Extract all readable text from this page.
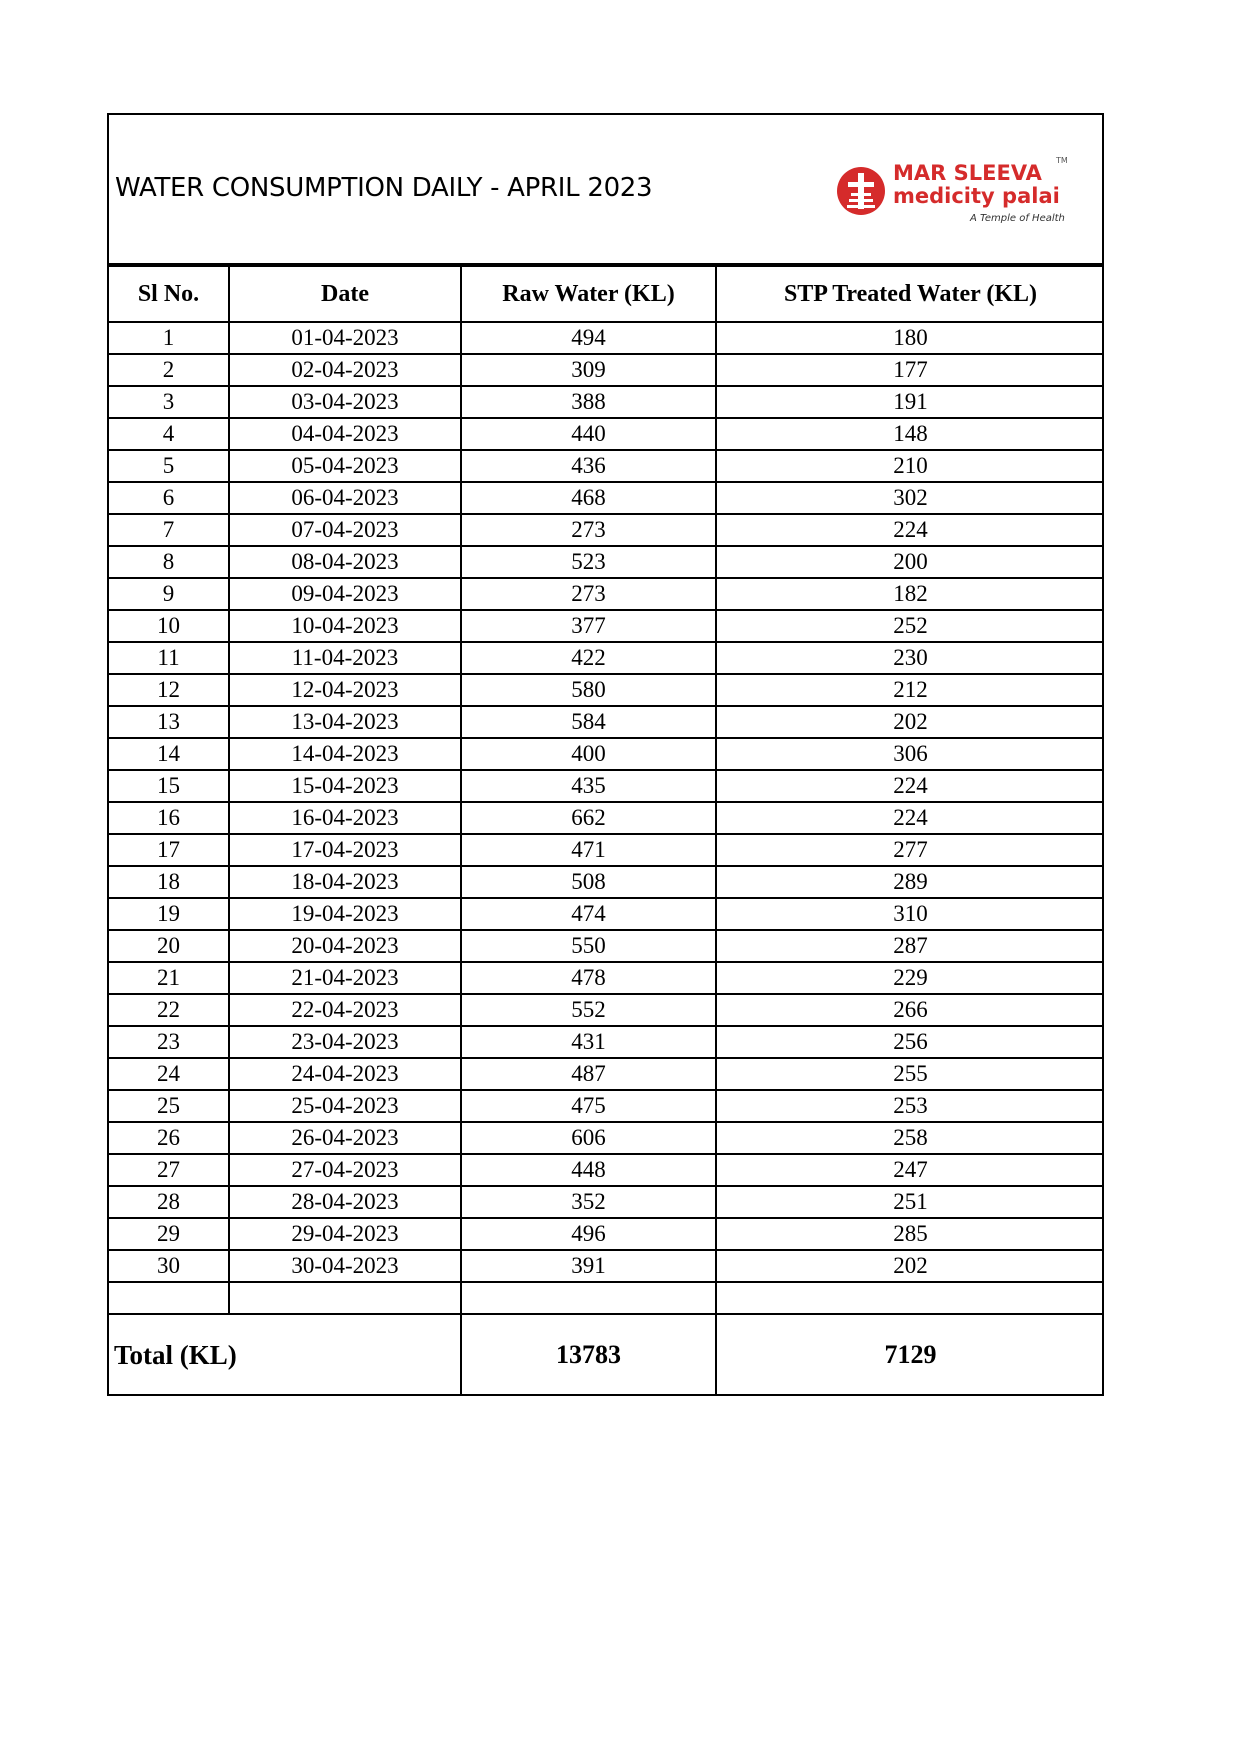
WATER CONSUMPTION DAILY - APRIL 2023	MAR SLEEVA
TM
medicity palai
A Temple of Health
Sl No.	Date	Raw Water (KL)	STP Treated Water (KL)
1	01-04-2023	494	180
2	02-04-2023	309	177
3	03-04-2023	388	191
4	04-04-2023	440	148
5	05-04-2023	436	210
6	06-04-2023	468	302
7	07-04-2023	273	224
8	08-04-2023	523	200
9	09-04-2023	273	182
10	10-04-2023	377	252
11	11-04-2023	422	230
12	12-04-2023	580	212
13	13-04-2023	584	202
14	14-04-2023	400	306
15	15-04-2023	435	224
16	16-04-2023	662	224
17	17-04-2023	471	277
18	18-04-2023	508	289
19	19-04-2023	474	310
20	20-04-2023	550	287
21	21-04-2023	478	229
22	22-04-2023	552	266
23	23-04-2023	431	256
24	24-04-2023	487	255
25	25-04-2023	475	253
26	26-04-2023	606	258
27	27-04-2023	448	247
28	28-04-2023	352	251
29	29-04-2023	496	285
30	30-04-2023	391	202

Total (KL)		13783	7129
